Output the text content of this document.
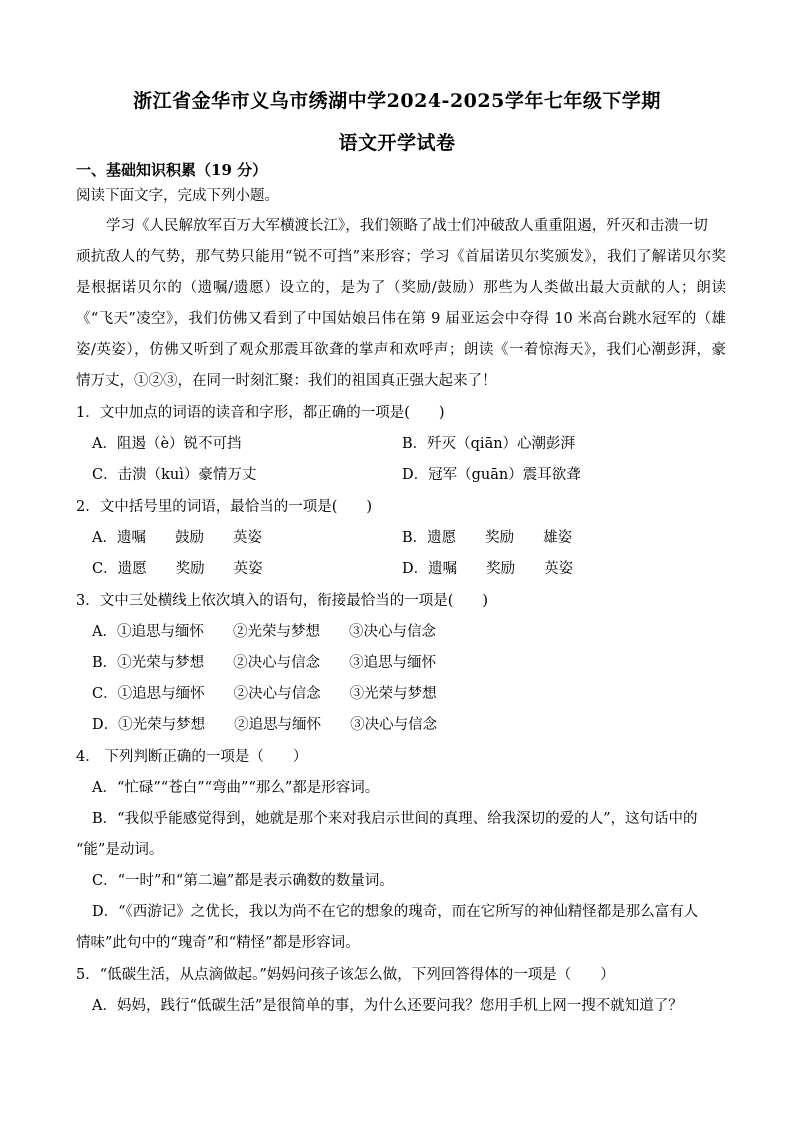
浙江省金华市义乌市绣湖中学2024-2025学年七年级下学期
语文开学试卷
一、基础知识积累（19 分）
阅读下面文字，完成下列小题。
学习《人民解放军百万大军横渡长江》，我们领略了战士们冲破敌人重重阻遏，歼灭和击溃一切
顽抗敌人的气势，那气势只能用“锐不可挡”来形容；学习《首届诺贝尔奖颁发》，我们了解诺贝尔奖
是根据诺贝尔的（遗嘱/遗愿）设立的，是为了（奖励/鼓励）那些为人类做出最大贡献的人；朗读
《“飞天”凌空》，我们仿佛又看到了中国姑娘吕伟在第 9 届亚运会中夺得 10 米高台跳水冠军的（雄
姿/英姿），仿佛又听到了观众那震耳欲聋的掌声和欢呼声；朗读《一着惊海天》，我们心潮彭湃，豪
情万丈，①②③，在同一时刻汇聚：我们的祖国真正强大起来了！
1．文中加点的词语的读音和字形，都正确的一项是(　　)
A．阻遏（è）锐不可挡	B．歼灭（qiān）心潮彭湃
C．击溃（kuì）豪情万丈	D．冠军（guān）震耳欲聋
2．文中括号里的词语，最恰当的一项是(　　)
A．遗嘱　　鼓励　　英姿	B．遗愿　　奖励　　雄姿
C．遗愿　　奖励　　英姿	D．遗嘱　　奖励　　英姿
3．文中三处横线上依次填入的语句，衔接最恰当的一项是(　　)
A．①追思与缅怀　　②光荣与梦想　　③决心与信念
B．①光荣与梦想　　②决心与信念　　③追思与缅怀
C．①追思与缅怀　　②决心与信念　　③光荣与梦想
D．①光荣与梦想　　②追思与缅怀　　③决心与信念
4． 下列判断正确的一项是（　　）
A．“忙碌”“苍白”“弯曲”“那么”都是形容词。
B．“我似乎能感觉得到，她就是那个来对我启示世间的真理、给我深切的爱的人”，这句话中的
“能”是动词。
C．“一时”和“第二遍”都是表示确数的数量词。
D．“《西游记》之优长，我以为尚不在它的想象的瑰奇，而在它所写的神仙精怪都是那么富有人
情味”此句中的“瑰奇”和“精怪”都是形容词。
5．“低碳生活，从点滴做起。”妈妈问孩子该怎么做，下列回答得体的一项是（　　）
A．妈妈，践行“低碳生活”是很简单的事，为什么还要问我？您用手机上网一搜不就知道了？
